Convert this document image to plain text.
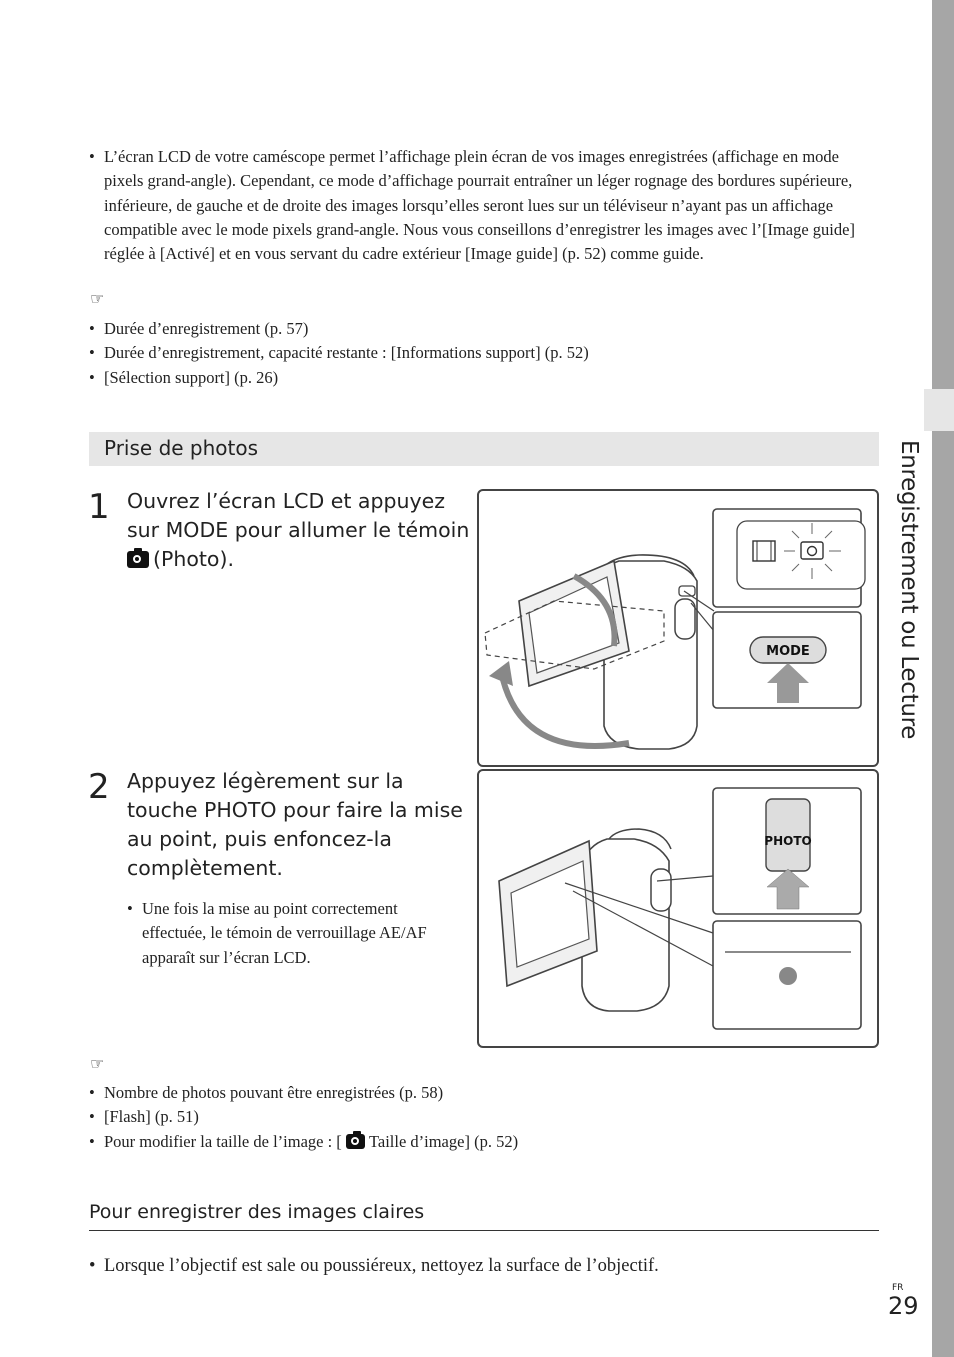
Enregistrement ou Lecture
• L’écran LCD de votre caméscope permet l’affichage plein écran de vos images enregistrées (affichage en mode pixels grand-angle). Cependant, ce mode d’affichage pourrait entraîner un léger rognage des bordures supérieure, inférieure, de gauche et de droite des images lorsqu’elles seront lues sur un téléviseur n’ayant pas un affichage compatible avec le mode pixels grand-angle. Nous vous conseillons d’enregistrer les images avec l’[Image guide] réglée à [Activé] et en vous servant du cadre extérieur [Image guide] (p. 52) comme guide.
☞
• Durée d’enregistrement (p. 57)
• Durée d’enregistrement, capacité restante : [Informations support] (p. 52)
• [Sélection support] (p. 26)
Prise de photos
1 Ouvrez l’écran LCD et appuyez sur MODE pour allumer le témoin
(Photo).
MODE
2 Appuyez légèrement sur la touche PHOTO pour faire la mise au point, puis enfoncez-la complètement.
• Une fois la mise au point correctement effectuée, le témoin de verrouillage AE/AF apparaît sur l’écran LCD.
PHOTO
☞
• Nombre de photos pouvant être enregistrées (p. 58)
• [Flash] (p. 51)
• Pour modifier la taille de l’image : [ Taille d’image] (p. 52)
Pour enregistrer des images claires
• Lorsque l’objectif est sale ou poussiéreux, nettoyez la surface de l’objectif.
FR
29
